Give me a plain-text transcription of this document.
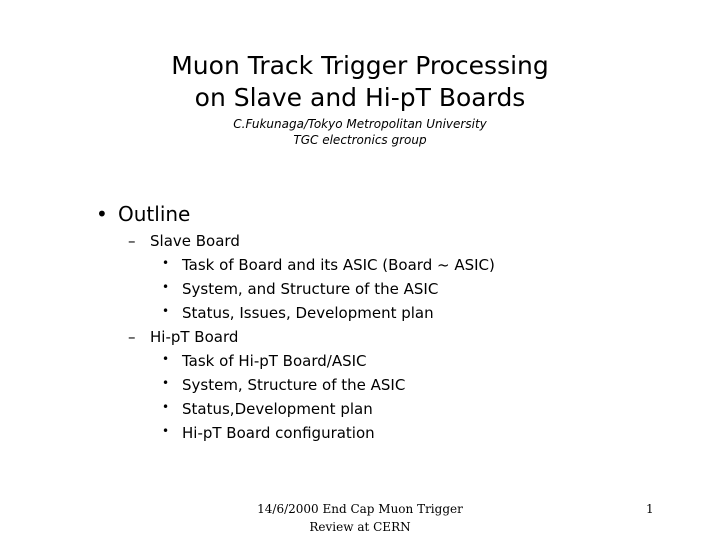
Muon Track Trigger Processing

on Slave and Hi-pT Boards

C.Fukunaga/Tokyo Metropolitan University

TGC electronics group

• Outline
– Slave Board
• Task of Board and its ASIC (Board ~ ASIC)
• System, and Structure of the ASIC
• Status, Issues, Development plan
– Hi-pT Board
• Task of Hi-pT Board/ASIC
• System, Structure of the ASIC
• Status,Development plan
• Hi-pT Board configuration
14/6/2000 End Cap Muon Trigger
Review at CERN
1
